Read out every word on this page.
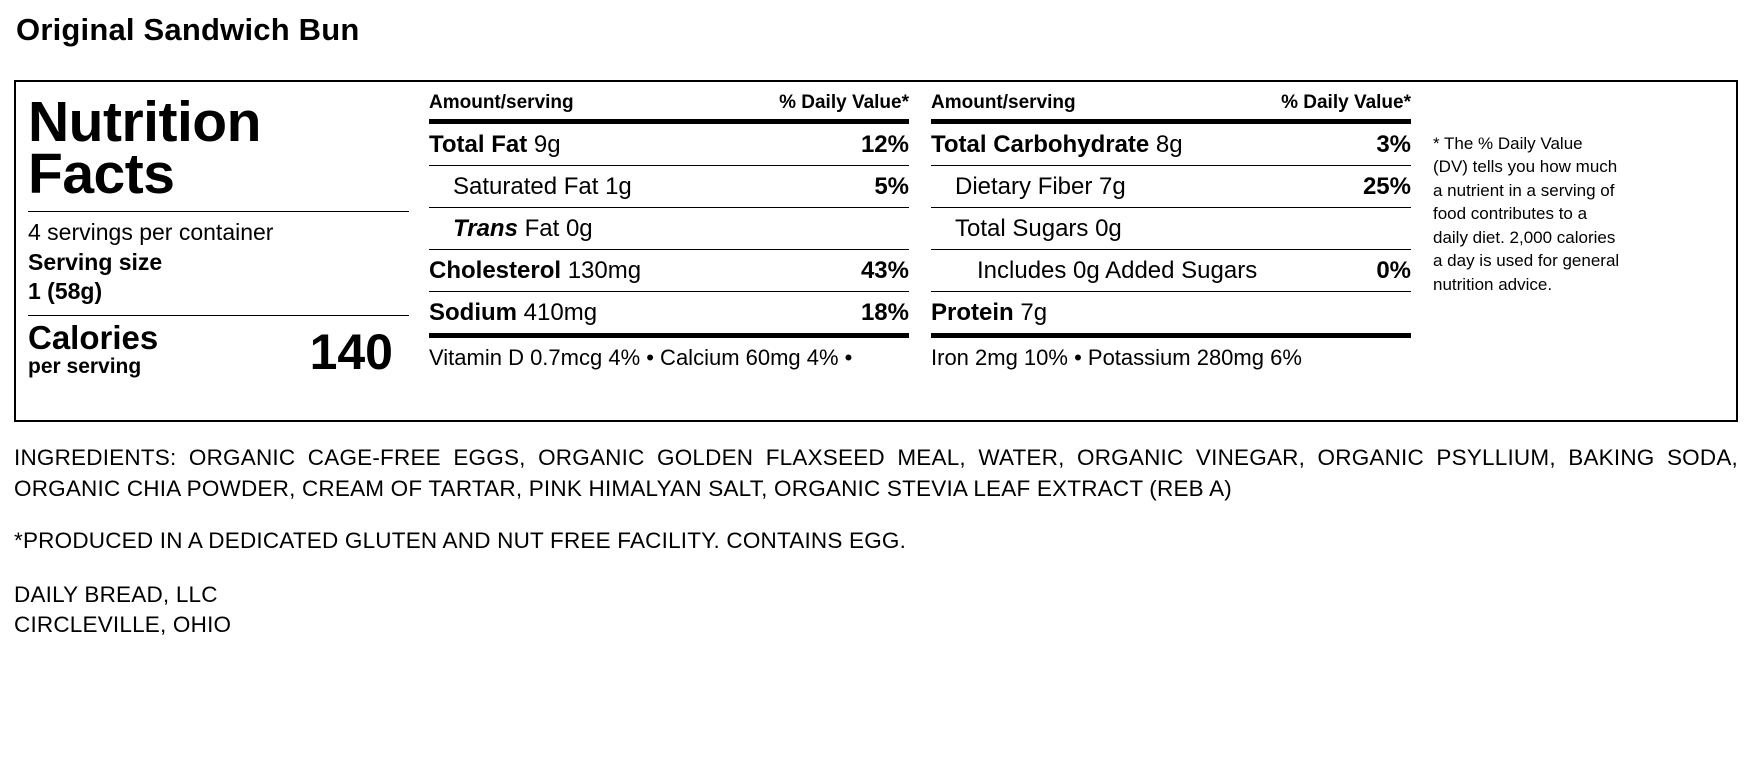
Original Sandwich Bun
Nutrition
Facts
4 servings per container
Serving size
1 (58g)
Calories
per serving	140
Amount/serving	% Daily Value*
Total Fat 9g	12%
Saturated Fat 1g	5%
Trans Fat 0g
Cholesterol 130mg	43%
Sodium 410mg	18%
Vitamin D 0.7mcg 4% • Calcium 60mg 4% •
Amount/serving	% Daily Value*
Total Carbohydrate 8g	3%
Dietary Fiber 7g	25%
Total Sugars 0g
Includes 0g Added Sugars	0%
Protein 7g
Iron 2mg 10% • Potassium 280mg 6%
* The % Daily Value (DV) tells you how much a nutrient in a serving of food contributes to a daily diet. 2,000 calories a day is used for general nutrition advice.
INGREDIENTS: ORGANIC CAGE-FREE EGGS, ORGANIC GOLDEN FLAXSEED MEAL, WATER, ORGANIC VINEGAR, ORGANIC PSYLLIUM, BAKING SODA, ORGANIC CHIA POWDER, CREAM OF TARTAR, PINK HIMALYAN SALT, ORGANIC STEVIA LEAF EXTRACT (REB A)
*PRODUCED IN A DEDICATED GLUTEN AND NUT FREE FACILITY. CONTAINS EGG.
DAILY BREAD, LLC
CIRCLEVILLE, OHIO
